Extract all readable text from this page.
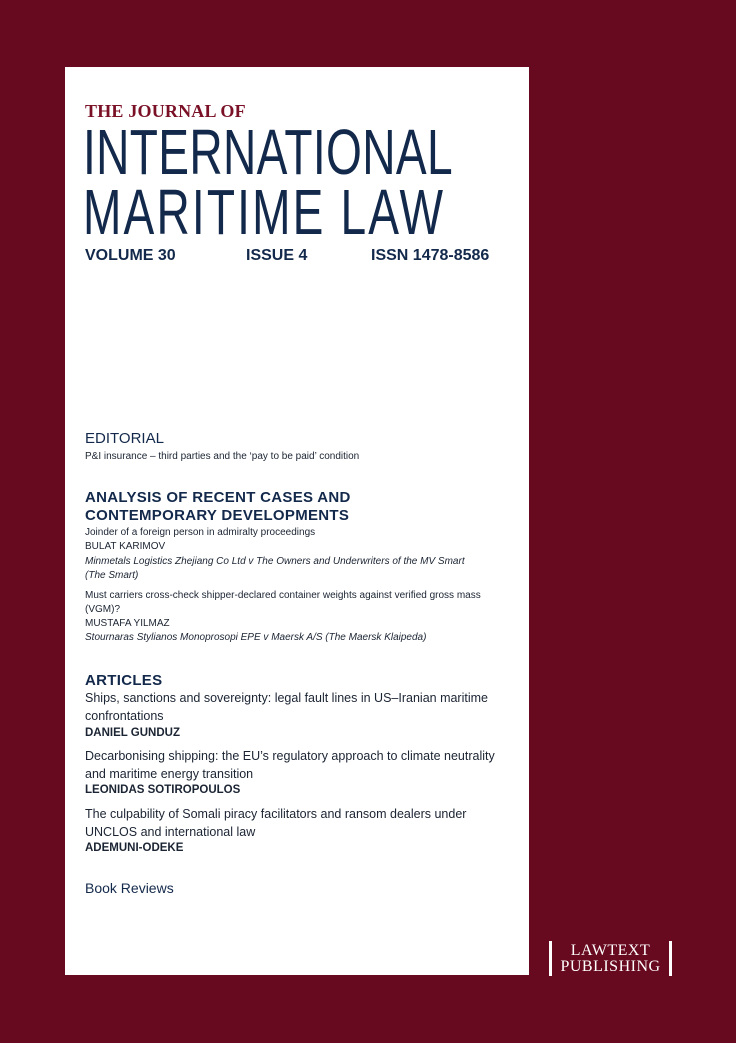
THE JOURNAL OF
INTERNATIONAL
MARITIME LAW
VOLUME 30	ISSUE 4	ISSN 1478-8586
EDITORIAL
P&I insurance – third parties and the ‘pay to be paid’ condition
ANALYSIS OF RECENT CASES AND
CONTEMPORARY DEVELOPMENTS
Joinder of a foreign person in admiralty proceedings
BULAT KARIMOV
Minmetals Logistics Zhejiang Co Ltd v The Owners and Underwriters of the MV Smart
(The Smart)
Must carriers cross-check shipper-declared container weights against verified gross mass
(VGM)?
MUSTAFA YILMAZ
Stournaras Stylianos Monoprosopi EPE v Maersk A/S (The Maersk Klaipeda)
ARTICLES
Ships, sanctions and sovereignty: legal fault lines in US–Iranian maritime
confrontations
DANIEL GUNDUZ
Decarbonising shipping: the EU’s regulatory approach to climate neutrality
and maritime energy transition
LEONIDAS SOTIROPOULOS
The culpability of Somali piracy facilitators and ransom dealers under
UNCLOS and international law
ADEMUNI-ODEKE
Book Reviews
LAWTEXT
PUBLISHING
